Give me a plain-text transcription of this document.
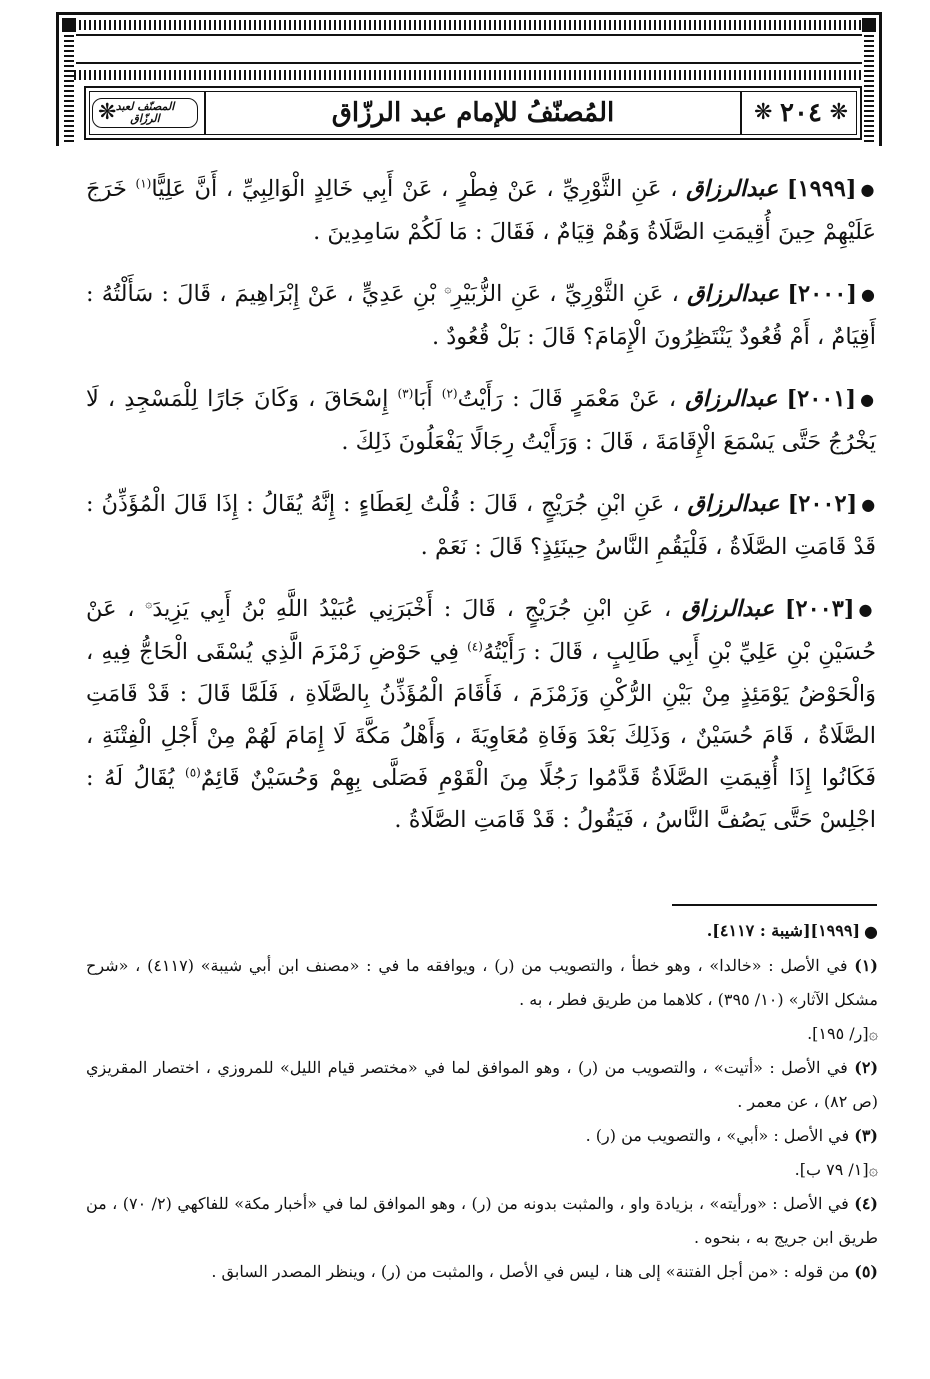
❋
٢٠٤
❋
المُصنّفُ للإمام عبد الرزّاق
❋ المصنّف لعبد الرزّاق
●[١٩٩٩] عبدالرزاق ، عَنِ الثَّوْرِيِّ ، عَنْ فِطْرٍ ، عَنْ أَبِي خَالِدٍ الْوَالِبِيِّ ، أَنَّ عَلِيًّا$^{(١)}$ خَرَجَ عَلَيْهِمْ حِينَ أُقِيمَتِ الصَّلَاةُ وَهُمْ قِيَامٌ ، فَقَالَ : مَا لَكُمْ سَامِدِينَ .
●[٢٠٠٠] عبدالرزاق ، عَنِ الثَّوْرِيِّ ، عَنِ الزُّبَيْرِ۞ بْنِ عَدِيٍّ ، عَنْ إِبْرَاهِيمَ ، قَالَ : سَأَلْتُهُ : أَقِيَامٌ ، أَمْ قُعُودٌ يَنْتَظِرُونَ الْإِمَامَ؟ قَالَ : بَلْ قُعُودٌ .
●[٢٠٠١] عبدالرزاق ، عَنْ مَعْمَرٍ قَالَ : رَأَيْتُ$^{(٢)}$ أَبَا$^{(٣)}$ إِسْحَاقَ ، وَكَانَ جَارًا لِلْمَسْجِدِ ، لَا يَخْرُجُ حَتَّى يَسْمَعَ الْإِقَامَةَ ، قَالَ : وَرَأَيْتُ رِجَالًا يَفْعَلُونَ ذَلِكَ .
●[٢٠٠٢] عبدالرزاق ، عَنِ ابْنِ جُرَيْجٍ ، قَالَ : قُلْتُ لِعَطَاءٍ : إِنَّهُ يُقَالُ : إِذَا قَالَ الْمُؤَذِّنُ : قَدْ قَامَتِ الصَّلَاةُ ، فَلْيَقُمِ النَّاسُ حِينَئِذٍ؟ قَالَ : نَعَمْ .
●[٢٠٠٣] عبدالرزاق ، عَنِ ابْنِ جُرَيْجٍ ، قَالَ : أَخْبَرَنِي عُبَيْدُ اللَّهِ بْنُ أَبِي يَزِيدَ۞ ، عَنْ حُسَيْنِ بْنِ عَلِيِّ بْنِ أَبِي طَالِبٍ ، قَالَ : رَأَيْتُهُ$^{(٤)}$ فِي حَوْضِ زَمْزَمَ الَّذِي يُسْقَى الْحَاجُّ فِيهِ ، وَالْحَوْضُ يَوْمَئِذٍ مِنْ بَيْنِ الرُّكْنِ وَزَمْزَمَ ، فَأَقَامَ الْمُؤَذِّنُ بِالصَّلَاةِ ، فَلَمَّا قَالَ : قَدْ قَامَتِ الصَّلَاةُ ، قَامَ حُسَيْنٌ ، وَذَلِكَ بَعْدَ وَفَاةِ مُعَاوِيَةَ ، وَأَهْلُ مَكَّةَ لَا إِمَامَ لَهُمْ مِنْ أَجْلِ الْفِتْنَةِ ، فَكَانُوا إِذَا أُقِيمَتِ الصَّلَاةُ قَدَّمُوا رَجُلًا مِنَ الْقَوْمِ فَصَلَّى بِهِمْ وَحُسَيْنٌ قَائِمٌ$^{(٥)}$ يُقَالُ لَهُ : اجْلِسْ حَتَّى يَصُفَّ النَّاسُ ، فَيَقُولُ : قَدْ قَامَتِ الصَّلَاةُ .
●[١٩٩٩][شيبة : ٤١١٧].
(١) في الأصل : «خالدا» ، وهو خطأ ، والتصويب من (ر) ، ويوافقه ما في : «مصنف ابن أبي شيبة» (٤١١٧) ، «شرح مشكل الآثار» (١٠/ ٣٩٥) ، كلاهما من طريق فطر ، به .
۞[ر/ ١٩٥].
(٢) في الأصل : «أتيت» ، والتصويب من (ر) ، وهو الموافق لما في «مختصر قيام الليل» للمروزي ، اختصار المقريزي (ص ٨٢) ، عن معمر .
(٣) في الأصل : «أبي» ، والتصويب من (ر) .
۞[١/ ٧٩ ب].
(٤) في الأصل : «ورأيته» ، بزيادة واو ، والمثبت بدونه من (ر) ، وهو الموافق لما في «أخبار مكة» للفاكهي (٢/ ٧٠) ، من طريق ابن جريج به ، بنحوه .
(٥) من قوله : «من أجل الفتنة» إلى هنا ، ليس في الأصل ، والمثبت من (ر) ، وينظر المصدر السابق .
